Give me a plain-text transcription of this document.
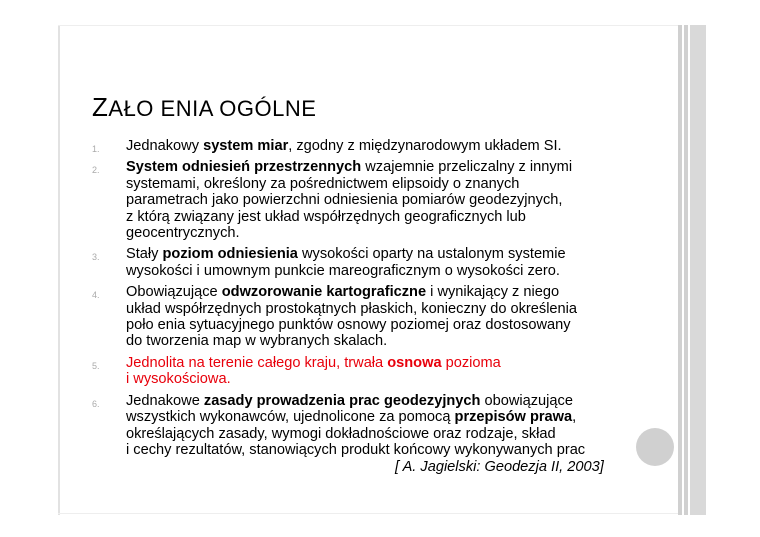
ZAŁO ENIA OGÓLNE
1. Jednakowy system miar, zgodny z międzynarodowym układem SI.
2. System odniesień przestrzennych wzajemnie przeliczalny z innymi
systemami, określony za pośrednictwem elipsoidy o znanych
parametrach jako powierzchni odniesienia pomiarów geodezyjnych,
z którą związany jest układ współrzędnych geograficznych lub
geocentrycznych.
3. Stały poziom odniesienia wysokości oparty na ustalonym systemie
wysokości i umownym punkcie mareograficznym o wysokości zero.
4. Obowiązujące odwzorowanie kartograficzne i wynikający z niego
układ współrzędnych prostokątnych płaskich, konieczny do określenia
poło enia sytuacyjnego punktów osnowy poziomej oraz dostosowany
do tworzenia map w wybranych skalach.
5. Jednolita na terenie całego kraju, trwała osnowa pozioma
i wysokościowa.
6. Jednakowe zasady prowadzenia prac geodezyjnych obowiązujące
wszystkich wykonawców, ujednolicone za pomocą przepisów prawa,
określających zasady, wymogi dokładnościowe oraz rodzaje, skład
i cechy rezultatów, stanowiących produkt końcowy wykonywanych prac
[ A. Jagielski: Geodezja II, 2003]
